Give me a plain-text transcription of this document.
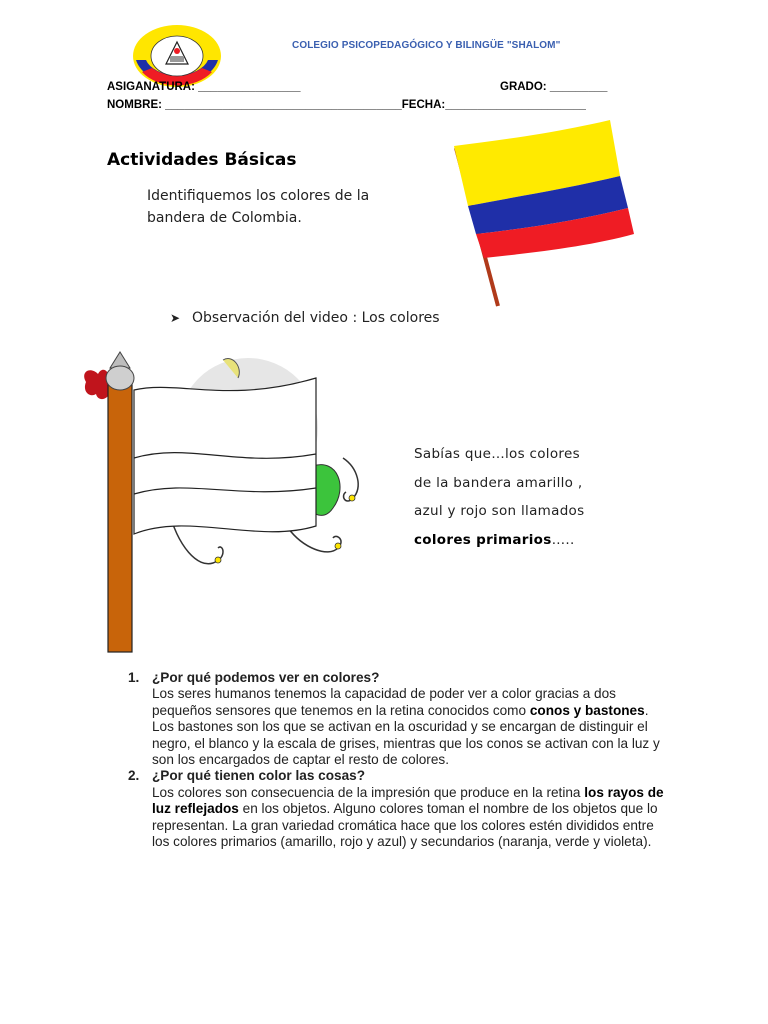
COLEGIO PSICOPEDAGÓGICO Y BILINGÜE "SHALOM"
ASIGANATURA: ________________	GRADO: _________
NOMBRE: _____________________________________FECHA:______________________
Actividades Básicas
Identifiquemos los colores de la bandera de Colombia.
➤ Observación del video : Los colores
Sabías que…los colores
de la bandera amarillo ,
azul y rojo son llamados
colores primarios…..
1. ¿Por qué podemos ver en colores?
Los seres humanos tenemos la capacidad de poder ver a color gracias a dos pequeños sensores que tenemos en la retina conocidos como conos y bastones. Los bastones son los que se activan en la oscuridad y se encargan de distinguir el negro, el blanco y la escala de grises, mientras que los conos se activan con la luz y son los encargados de captar el resto de colores.
2. ¿Por qué tienen color las cosas?
Los colores son consecuencia de la impresión que produce en la retina los rayos de luz reflejados en los objetos. Alguno colores toman el nombre de los objetos que lo representan. La gran variedad cromática hace que los colores estén divididos entre los colores primarios (amarillo, rojo y azul) y secundarios (naranja, verde y violeta).
